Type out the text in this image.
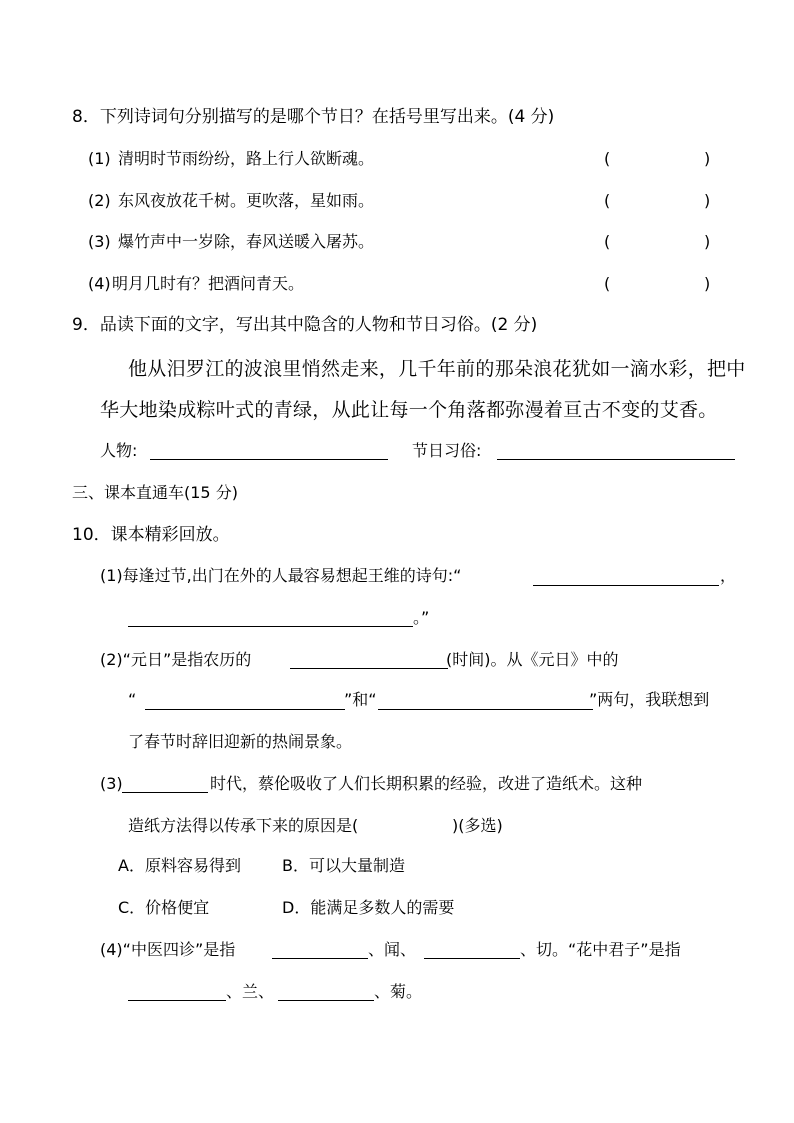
8．下列诗词句分别描写的是哪个节日？在括号里写出来。(4 分)
(1) 清明时节雨纷纷，路上行人欲断魂。	(	)
(2) 东风夜放花千树。更吹落，星如雨。	(	)
(3) 爆竹声中一岁除，春风送暖入屠苏。	(	)
(4) 明月几时有？把酒问青天。	(	)
9．品读下面的文字，写出其中隐含的人物和节日习俗。(2 分)
他从汨罗江的波浪里悄然走来，几千年前的那朵浪花犹如一滴水彩，把中
华大地染成粽叶式的青绿，从此让每一个角落都弥漫着亘古不变的艾香。
人物:	节日习俗:
三、课本直通车(15 分)
10．课本精彩回放。
(1)每逢过节,出门在外的人最容易想起王维的诗句:“	，
。”
(2)“元日”是指农历的	(时间)。从《元日》中的
“	”和“	”两句，我联想到
了春节时辞旧迎新的热闹景象。
(3)	时代，蔡伦吸收了人们长期积累的经验，改进了造纸术。这种
造纸方法得以传承下来的原因是(	)(多选)
A．原料容易得到	B．可以大量制造
C．价格便宜	D．能满足多数人的需要
(4)“中医四诊”是指	、闻、	、切。“花中君子”是指
、兰、	、菊。
